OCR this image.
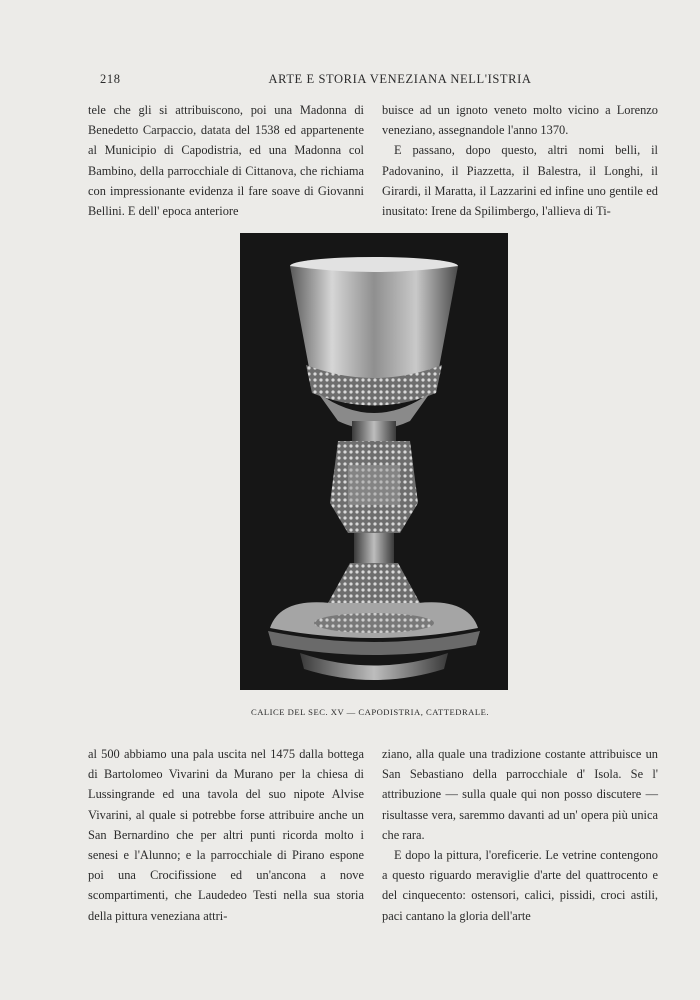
218	ARTE E STORIA VENEZIANA NELL'ISTRIA

tele che gli si attribuiscono, poi una Madonna di Benedetto Carpaccio, datata del 1538 ed appartenente al Municipio di Capodistria, ed una Madonna col Bambino, della parrocchiale di Cittanova, che richiama con impressionante evidenza il fare soave di Giovanni Bellini. E dell' epoca anteriore

buisce ad un ignoto veneto molto vicino a Lorenzo veneziano, assegnandole l'anno 1370.

E passano, dopo questo, altri nomi belli, il Padovanino, il Piazzetta, il Balestra, il Longhi, il Girardi, il Maratta, il Lazzarini ed infine uno gentile ed inusitato: Irene da Spilimbergo, l'allieva di Ti-

CALICE DEL SEC. XV — CAPODISTRIA, CATTEDRALE.

al 500 abbiamo una pala uscita nel 1475 dalla bottega di Bartolomeo Vivarini da Murano per la chiesa di Lussingrande ed una tavola del suo nipote Alvise Vivarini, al quale si potrebbe forse attribuire anche un San Bernardino che per altri punti ricorda molto i senesi e l'Alunno; e la parrocchiale di Pirano espone poi una Crocifissione ed un'ancona a nove scompartimenti, che Laudedeo Testi nella sua storia della pittura veneziana attri-

ziano, alla quale una tradizione costante attribuisce un San Sebastiano della parrocchiale d' Isola. Se l' attribuzione — sulla quale qui non posso discutere — risultasse vera, saremmo davanti ad un' opera più unica che rara.

E dopo la pittura, l'oreficerie. Le vetrine contengono a questo riguardo meraviglie d'arte del quattrocento e del cinquecento: ostensori, calici, pissidi, croci astili, paci cantano la gloria dell'arte
